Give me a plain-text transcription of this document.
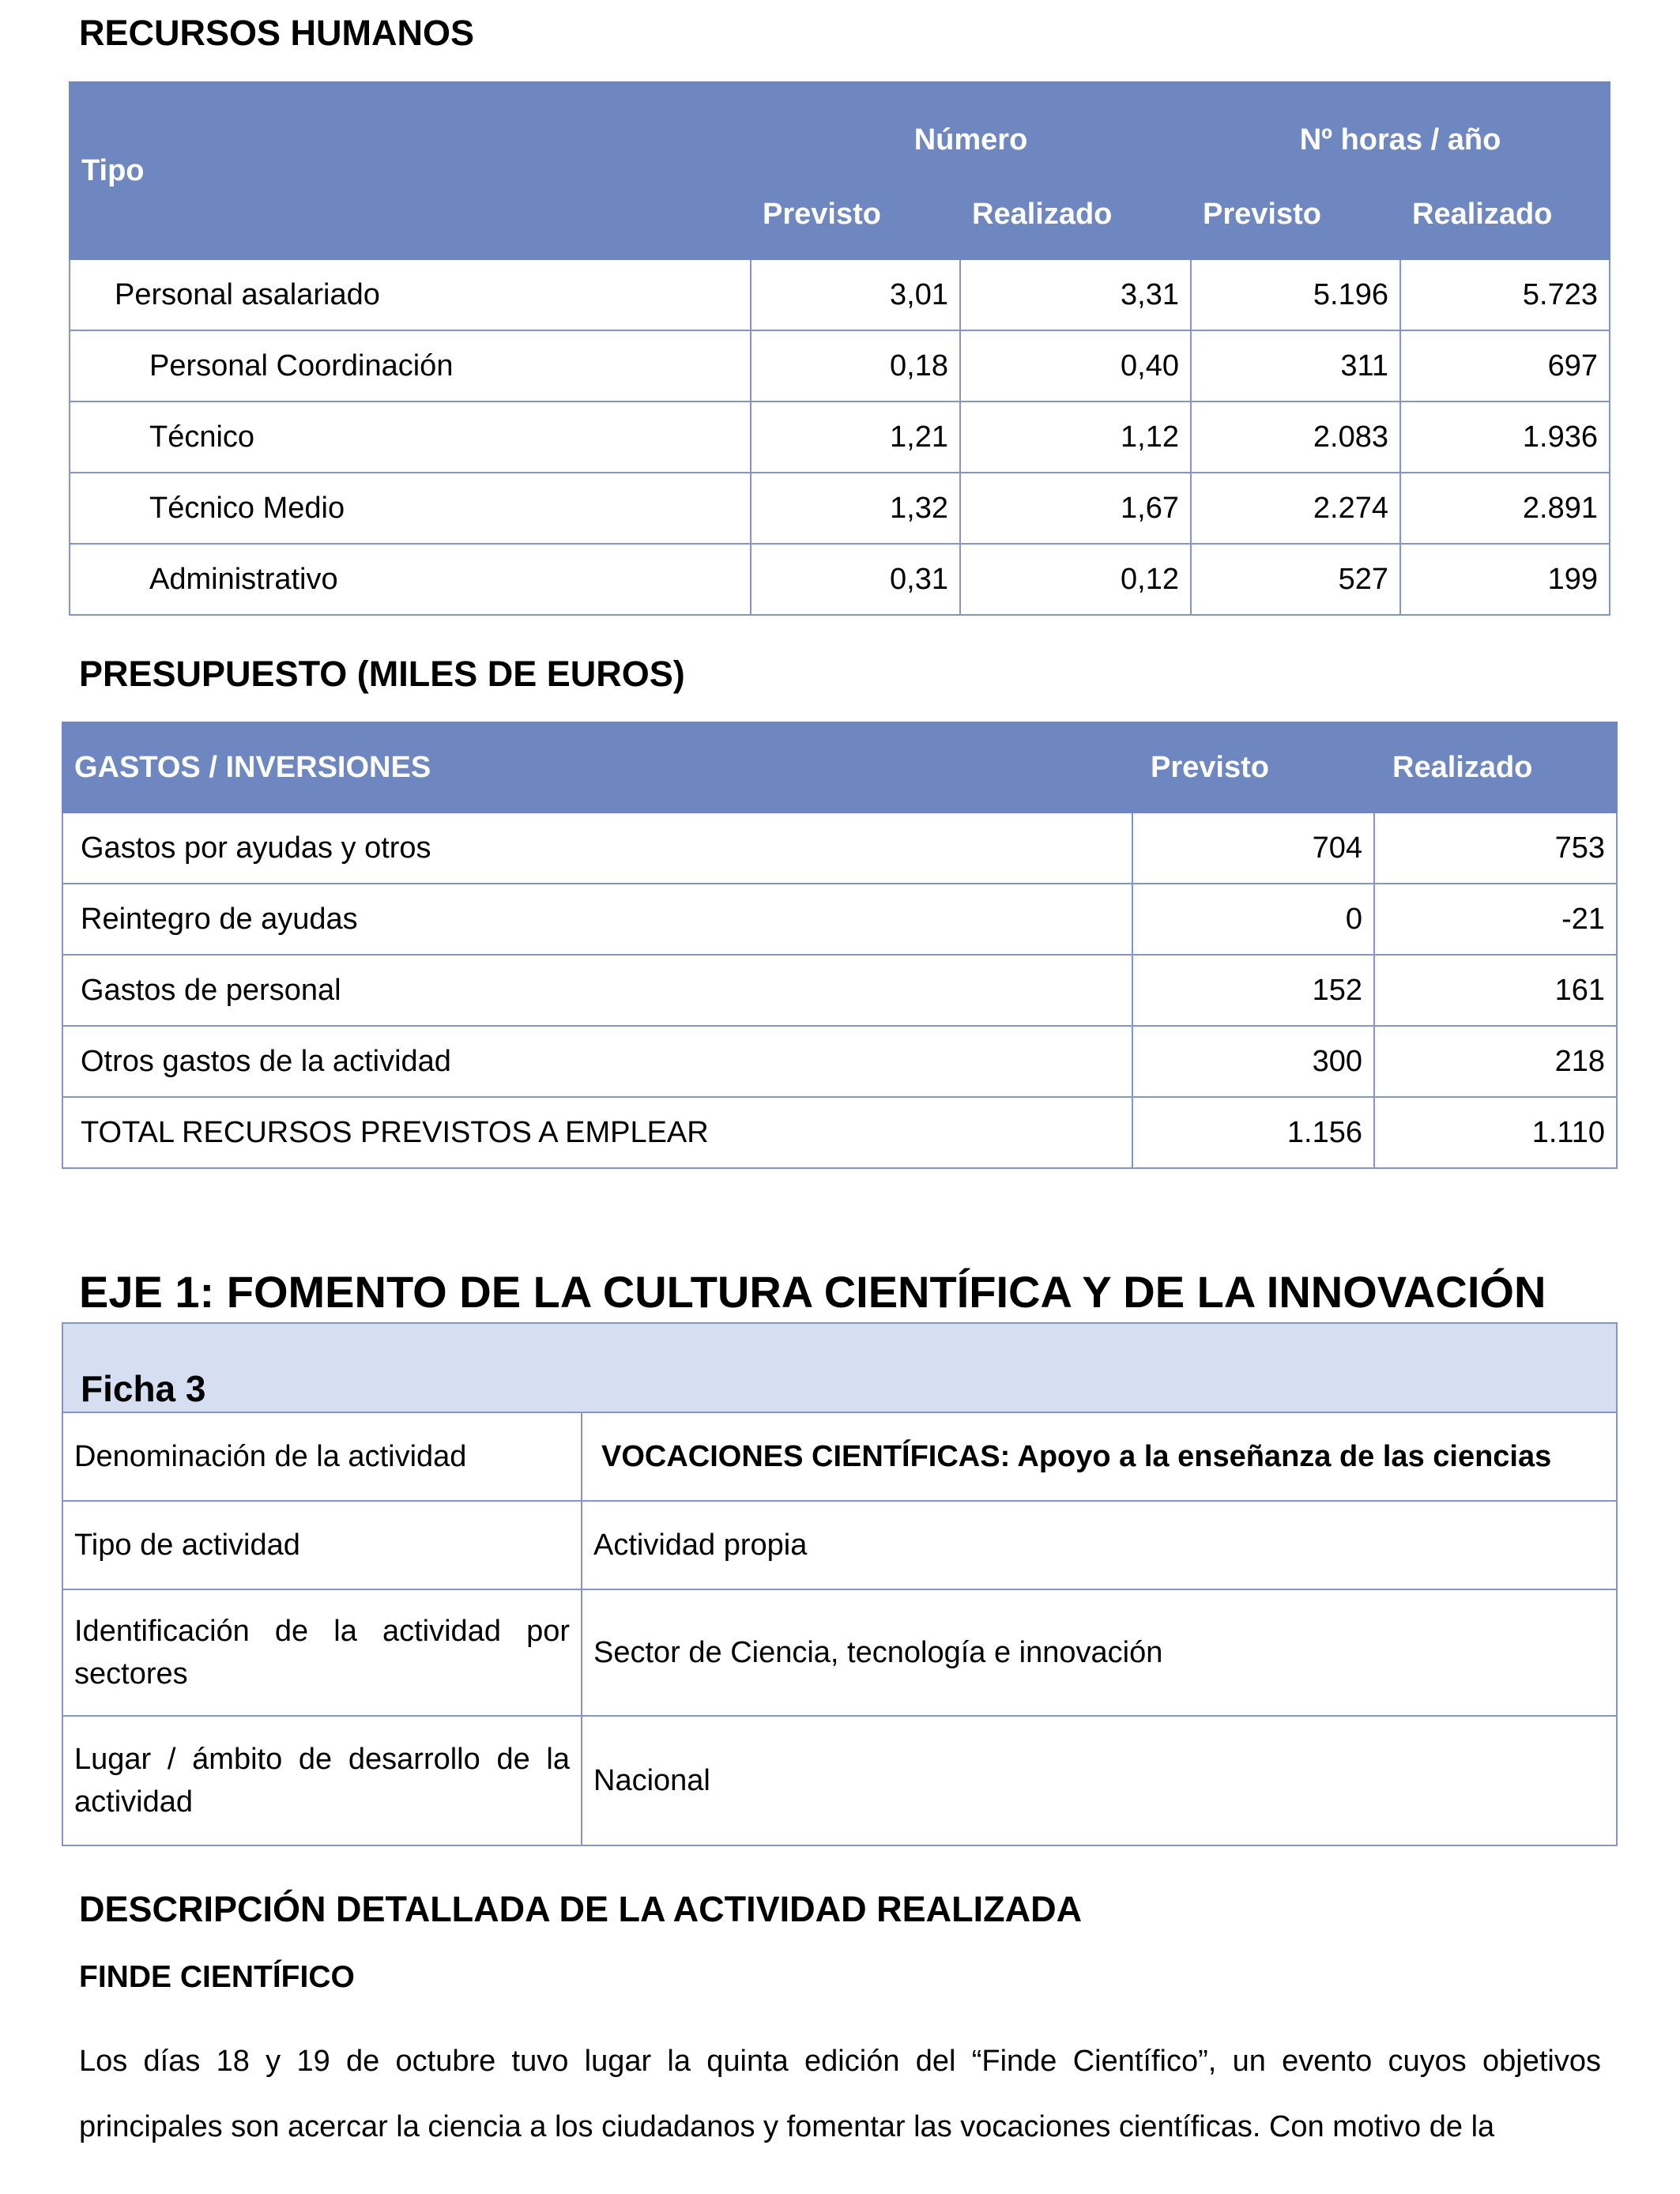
RECURSOS HUMANOS
Tipo	Número		Nº horas / año	
	Previsto	Realizado	Previsto	Realizado
Personal asalariado	3,01	3,31	5.196	5.723
Personal Coordinación	0,18	0,40	311	697
Técnico	1,21	1,12	2.083	1.936
Técnico Medio	1,32	1,67	2.274	2.891
Administrativo	0,31	0,12	527	199
PRESUPUESTO (MILES DE EUROS)
GASTOS / INVERSIONES	Previsto	Realizado
Gastos por ayudas y otros	704	753
Reintegro de ayudas	0	-21
Gastos de personal	152	161
Otros gastos de la actividad	300	218
TOTAL RECURSOS PREVISTOS A EMPLEAR	1.156	1.110
EJE 1: FOMENTO DE LA CULTURA CIENTÍFICA Y DE LA INNOVACIÓN
Ficha 3	
Denominación de la actividad	VOCACIONES CIENTÍFICAS: Apoyo a la enseñanza de las ciencias
Tipo de actividad	Actividad propia
Identificación de la actividad por sectores	Sector de Ciencia, tecnología e innovación
Lugar / ámbito de desarrollo de la actividad	Nacional
DESCRIPCIÓN DETALLADA DE LA ACTIVIDAD REALIZADA
FINDE CIENTÍFICO

Los días 18 y 19 de octubre tuvo lugar la quinta edición del “Finde Científico”, un evento cuyos objetivos principales son acercar la ciencia a los ciudadanos y fomentar las vocaciones científicas. Con motivo de la
